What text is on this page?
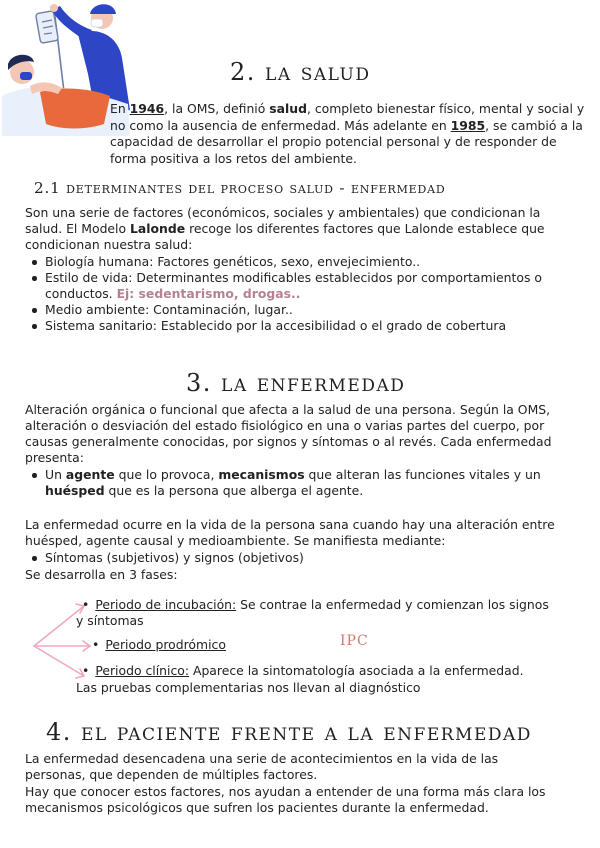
2. la salud
En 1946, la OMS, definió salud, completo bienestar físico, mental y social y no como la ausencia de enfermedad. Más adelante en 1985, se cambió a la capacidad de desarrollar el propio potencial personal y de responder de forma positiva a los retos del ambiente.
2.1 determinantes del proceso salud - enfermedad
Son una serie de factores (económicos, sociales y ambientales) que condicionan la salud. El Modelo Lalonde recoge los diferentes factores que Lalonde establece que condicionan nuestra salud:
Biología humana: Factores genéticos, sexo, envejecimiento..
Estilo de vida: Determinantes modificables establecidos por comportamientos o conductos. Ej: sedentarismo, drogas..
Medio ambiente: Contaminación, lugar..
Sistema sanitario: Establecido por la accesibilidad o el grado de cobertura
3. la enfermedad
Alteración orgánica o funcional que afecta a la salud de una persona. Según la OMS, alteración o desviación del estado fisiológico en una o varias partes del cuerpo, por causas generalmente conocidas, por signos y síntomas o al revés. Cada enfermedad presenta:
Un agente que lo provoca, mecanismos que alteran las funciones vitales y un huésped que es la persona que alberga el agente.
La enfermedad ocurre en la vida de la persona sana cuando hay una alteración entre huésped, agente causal y medioambiente. Se manifiesta mediante:
Síntomas (subjetivos) y signos (objetivos)
Se desarrolla en 3 fases:
• Periodo de incubación: Se contrae la enfermedad y comienzan los signos
y síntomas
• Periodo prodrómico	IPC
• Periodo clínico: Aparece la sintomatología asociada a la enfermedad.
Las pruebas complementarias nos llevan al diagnóstico
4. el paciente frente a la enfermedad
La enfermedad desencadena una serie de acontecimientos en la vida de las personas, que dependen de múltiples factores.
Hay que conocer estos factores, nos ayudan a entender de una forma más clara los mecanismos psicológicos que sufren los pacientes durante la enfermedad.
